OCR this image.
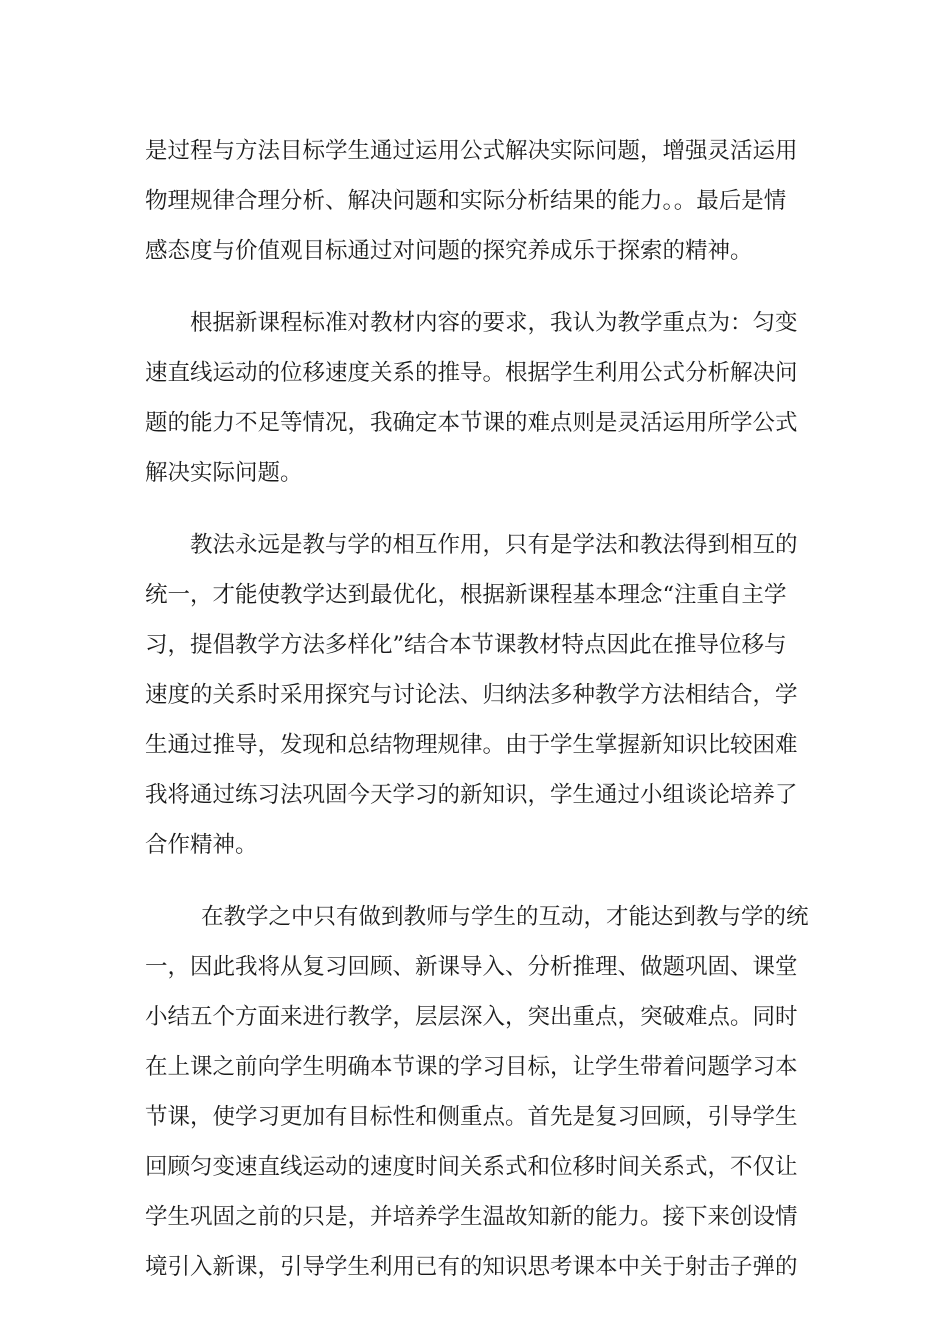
是过程与方法目标学生通过运用公式解决实际问题，增强灵活运用
物理规律合理分析、解决问题和实际分析结果的能力。。最后是情
感态度与价值观目标通过对问题的探究养成乐于探索的精神。
根据新课程标准对教材内容的要求，我认为教学重点为：匀变
速直线运动的位移速度关系的推导。根据学生利用公式分析解决问
题的能力不足等情况，我确定本节课的难点则是灵活运用所学公式
解决实际问题。
教法永远是教与学的相互作用，只有是学法和教法得到相互的
统一，才能使教学达到最优化，根据新课程基本理念“注重自主学
习，提倡教学方法多样化”结合本节课教材特点因此在推导位移与
速度的关系时采用探究与讨论法、归纳法多种教学方法相结合，学
生通过推导，发现和总结物理规律。由于学生掌握新知识比较困难
我将通过练习法巩固今天学习的新知识，学生通过小组谈论培养了
合作精神。
在教学之中只有做到教师与学生的互动，才能达到教与学的统
一，因此我将从复习回顾、新课导入、分析推理、做题巩固、课堂
小结五个方面来进行教学，层层深入，突出重点，突破难点。同时
在上课之前向学生明确本节课的学习目标，让学生带着问题学习本
节课，使学习更加有目标性和侧重点。首先是复习回顾，引导学生
回顾匀变速直线运动的速度时间关系式和位移时间关系式，不仅让
学生巩固之前的只是，并培养学生温故知新的能力。接下来创设情
境引入新课，引导学生利用已有的知识思考课本中关于射击子弹的
